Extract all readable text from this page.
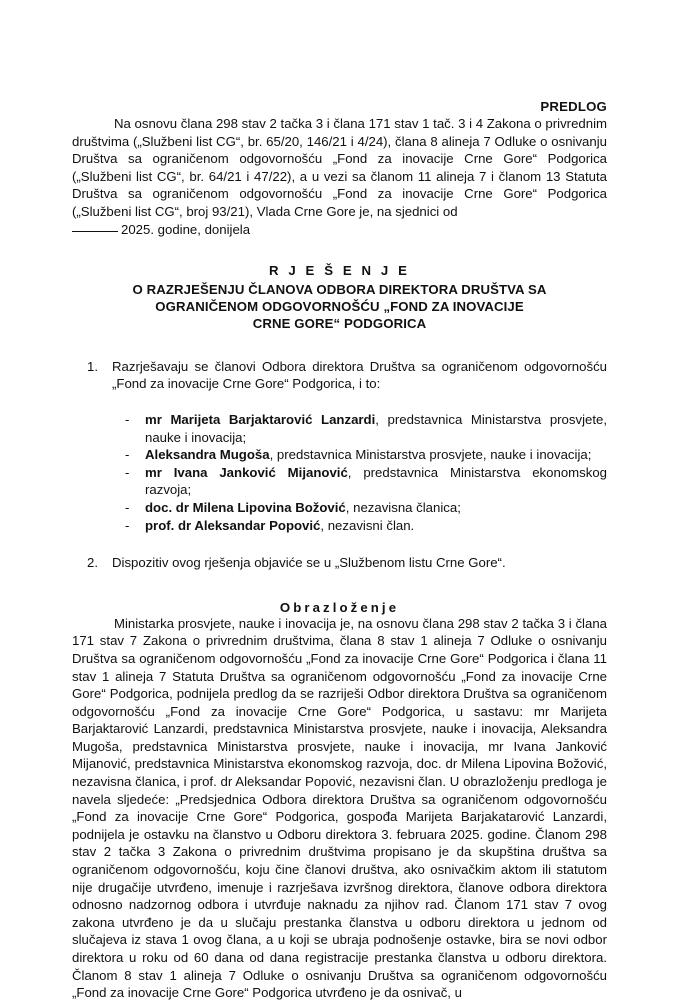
PREDLOG

Na osnovu člana 298 stav 2 tačka 3 i člana 171 stav 1 tač. 3 i 4 Zakona o privrednim društvima („Službeni list CG“, br. 65/20, 146/21 i 4/24), člana 8 alineja 7 Odluke o osnivanju Društva sa ograničenom odgovornošću „Fond za inovacije Crne Gore“ Podgorica („Službeni list CG“, br. 64/21 i 47/22), a u vezi sa članom 11 alineja 7 i članom 13 Statuta Društva sa ograničenom odgovornošću „Fond za inovacije Crne Gore“ Podgorica („Službeni list CG“, broj 93/21), Vlada Crne Gore je, na sjednici od

2025. godine, donijela

R J E Š E N J E
O RAZRJEŠENJU ČLANOVA ODBORA DIREKTORA DRUŠTVA SA
OGRANIČENOM ODGOVORNOŠĆU „FOND ZA INOVACIJE
CRNE GORE“ PODGORICA
1.	Razrješavaju se članovi Odbora direktora Društva sa ograničenom odgovornošću „Fond za inovacije Crne Gore“ Podgorica, i to:
- mr Marijeta Barjaktarović Lanzardi, predstavnica Ministarstva prosvjete, nauke i inovacija;
- Aleksandra Mugoša, predstavnica Ministarstva prosvjete, nauke i inovacija;
- mr Ivana Janković Mijanović, predstavnica Ministarstva ekonomskog razvoja;
- doc. dr Milena Lipovina Božović, nezavisna članica;
- prof. dr Aleksandar Popović, nezavisni član.
2.	Dispozitiv ovog rješenja objaviće se u „Službenom listu Crne Gore“.
Obrazloženje

Ministarka prosvjete, nauke i inovacija je, na osnovu člana 298 stav 2 tačka 3 i člana 171 stav 7 Zakona o privrednim društvima, člana 8 stav 1 alineja 7 Odluke o osnivanju Društva sa ograničenom odgovornošću „Fond za inovacije Crne Gore“ Podgorica i člana 11 stav 1 alineja 7 Statuta Društva sa ograničenom odgovornošću „Fond za inovacije Crne Gore“ Podgorica, podnijela predlog da se razriješi Odbor direktora Društva sa ograničenom odgovornošću „Fond za inovacije Crne Gore“ Podgorica, u sastavu: mr Marijeta Barjaktarović Lanzardi, predstavnica Ministarstva prosvjete, nauke i inovacija, Aleksandra Mugoša, predstavnica Ministarstva prosvjete, nauke i inovacija, mr Ivana Janković Mijanović, predstavnica Ministarstva ekonomskog razvoja, doc. dr Milena Lipovina Božović, nezavisna članica, i prof. dr Aleksandar Popović, nezavisni član. U obrazloženju predloga je navela sljedeće: „Predsjednica Odbora direktora Društva sa ograničenom odgovornošću „Fond za inovacije Crne Gore“ Podgorica, gospođa Marijeta Barjakatarović Lanzardi, podnijela je ostavku na članstvo u Odboru direktora 3. februara 2025. godine. Članom 298 stav 2 tačka 3 Zakona o privrednim društvima propisano je da skupština društva sa ograničenom odgovornošću, koju čine članovi društva, ako osnivačkim aktom ili statutom nije drugačije utvrđeno, imenuje i razrješava izvršnog direktora, članove odbora direktora odnosno nadzornog odbora i utvrđuje naknadu za njihov rad. Članom 171 stav 7 ovog zakona utvrđeno je da u slučaju prestanka članstva u odboru direktora u jednom od slučajeva iz stava 1 ovog člana, a u koji se ubraja podnošenje ostavke, bira se novi odbor direktora u roku od 60 dana od dana registracije prestanka članstva u odboru direktora. Članom 8 stav 1 alineja 7 Odluke o osnivanju Društva sa ograničenom odgovornošću „Fond za inovacije Crne Gore“ Podgorica utvrđeno je da osnivač, u
